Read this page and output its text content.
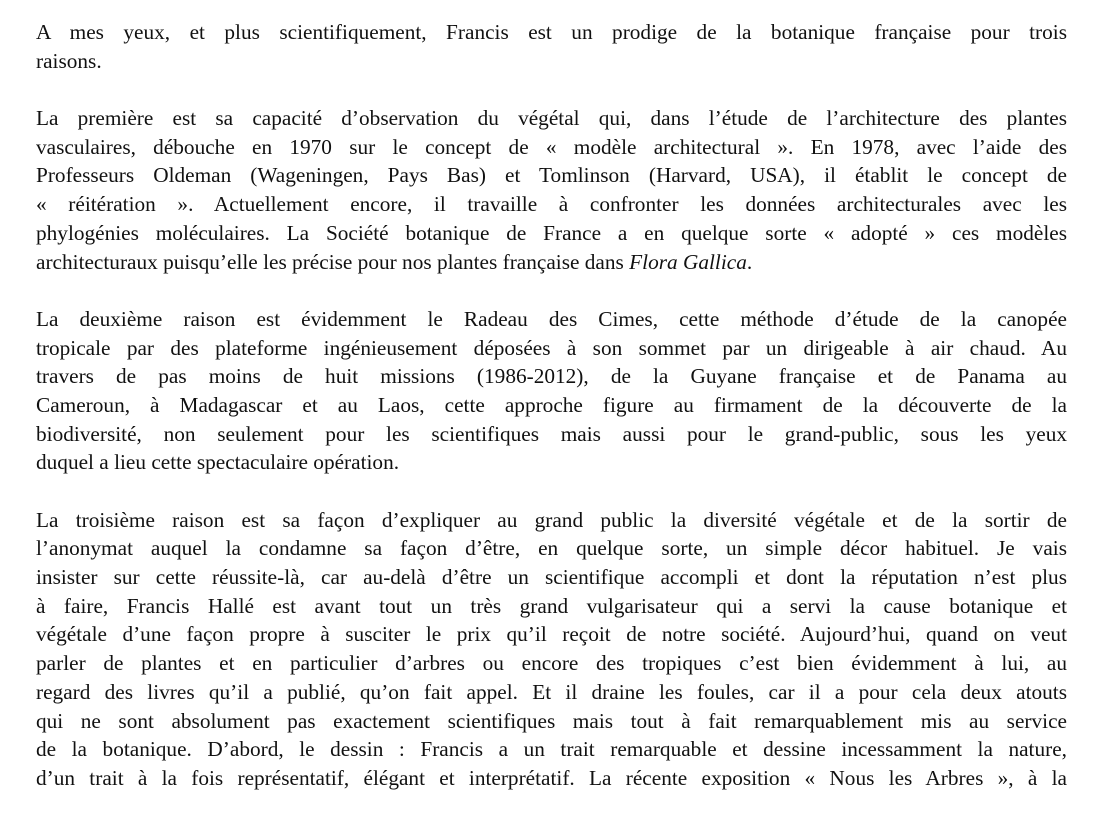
A mes yeux, et plus scientifiquement, Francis est un prodige de la botanique française pour trois
raisons.

La première est sa capacité d’observation du végétal qui, dans l’étude de l’architecture des plantes
vasculaires, débouche en 1970 sur le concept de « modèle architectural ». En 1978, avec l’aide des
Professeurs Oldeman (Wageningen, Pays Bas) et Tomlinson (Harvard, USA), il établit le concept de
« réitération ». Actuellement encore, il travaille à confronter les données architecturales avec les
phylogénies moléculaires. La Société botanique de France a en quelque sorte « adopté » ces modèles
architecturaux puisqu’elle les précise pour nos plantes française dans Flora Gallica.

La deuxième raison est évidemment le Radeau des Cimes, cette méthode d’étude de la canopée
tropicale par des plateforme ingénieusement déposées à son sommet par un dirigeable à air chaud. Au
travers de pas moins de huit missions (1986-2012), de la Guyane française et de Panama au
Cameroun, à Madagascar et au Laos, cette approche figure au firmament de la découverte de la
biodiversité, non seulement pour les scientifiques mais aussi pour le grand-public, sous les yeux
duquel a lieu cette spectaculaire opération.

La troisième raison est sa façon d’expliquer au grand public la diversité végétale et de la sortir de
l’anonymat auquel la condamne sa façon d’être, en quelque sorte, un simple décor habituel. Je vais
insister sur cette réussite-là, car au-delà d’être un scientifique accompli et dont la réputation n’est plus
à faire, Francis Hallé est avant tout un très grand vulgarisateur qui a servi la cause botanique et
végétale d’une façon propre à susciter le prix qu’il reçoit de notre société. Aujourd’hui, quand on veut
parler de plantes et en particulier d’arbres ou encore des tropiques c’est bien évidemment à lui, au
regard des livres qu’il a publié, qu’on fait appel. Et il draine les foules, car il a pour cela deux atouts
qui ne sont absolument pas exactement scientifiques mais tout à fait remarquablement mis au service
de la botanique. D’abord, le dessin : Francis a un trait remarquable et dessine incessamment la nature,
d’un trait à la fois représentatif, élégant et interprétatif. La récente exposition « Nous les Arbres », à la
